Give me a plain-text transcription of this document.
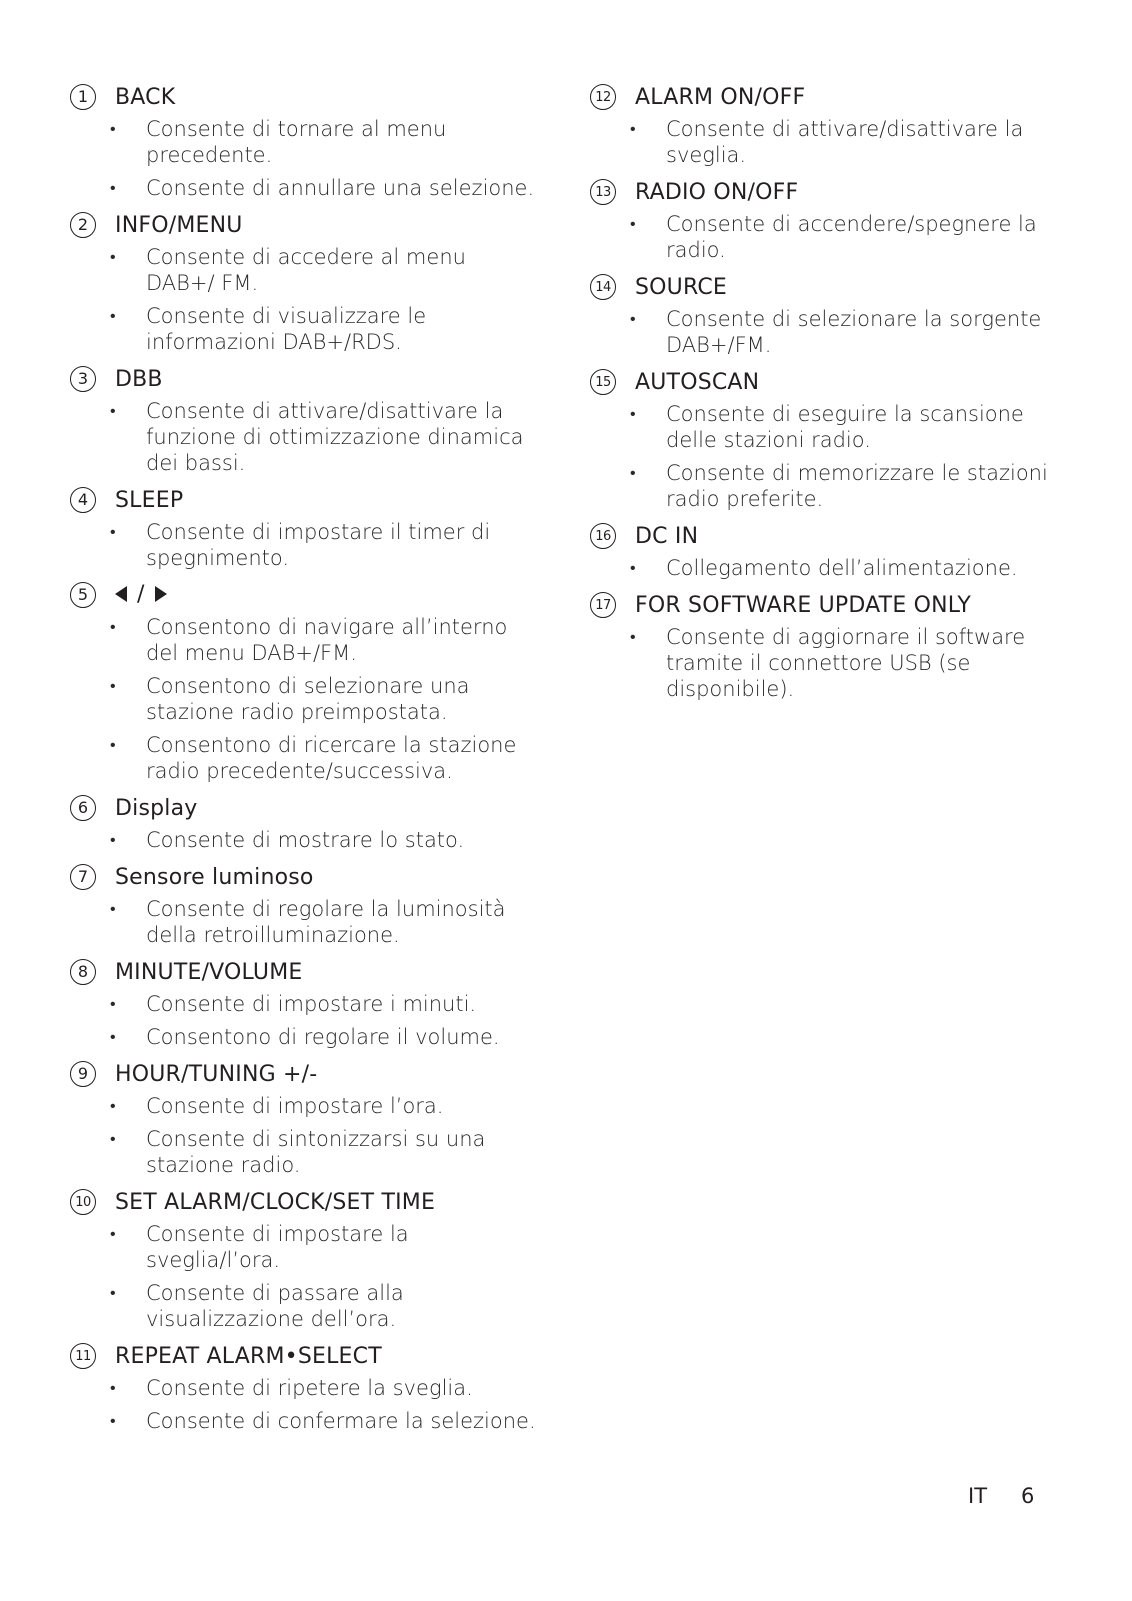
1	BACK
• Consente di tornare al menu precedente.
• Consente di annullare una selezione.
2	INFO/MENU
• Consente di accedere al menu DAB+/ FM.
• Consente di visualizzare le informazioni DAB+/RDS.
3	DBB
• Consente di attivare/disattivare la funzione di ottimizzazione dinamica dei bassi.
4	SLEEP
• Consente di impostare il timer di spegnimento.
5	/
• Consentono di navigare all’interno del menu DAB+/FM.
• Consentono di selezionare una stazione radio preimpostata.
• Consentono di ricercare la stazione radio precedente/successiva.
6	Display
• Consente di mostrare lo stato.
7	Sensore luminoso
• Consente di regolare la luminosità della retroilluminazione.
8	MINUTE/VOLUME
• Consente di impostare i minuti.
• Consentono di regolare il volume.
9	HOUR/TUNING +/-
• Consente di impostare l’ora.
• Consente di sintonizzarsi su una stazione radio.
10 SET ALARM/CLOCK/SET TIME
• Consente di impostare la sveglia/l’ora.
• Consente di passare alla visualizzazione dell’ora.
11 REPEAT ALARM•SELECT
• Consente di ripetere la sveglia.
• Consente di confermare la selezione.
12 ALARM ON/OFF
• Consente di attivare/disattivare la sveglia.
13 RADIO ON/OFF
• Consente di accendere/spegnere la radio.
14 SOURCE
• Consente di selezionare la sorgente DAB+/FM.
15 AUTOSCAN
• Consente di eseguire la scansione delle stazioni radio.
• Consente di memorizzare le stazioni radio preferite.
16 DC IN
• Collegamento dell’alimentazione.
17 FOR SOFTWARE UPDATE ONLY
• Consente di aggiornare il software tramite il connettore USB (se disponibile).
IT 6
